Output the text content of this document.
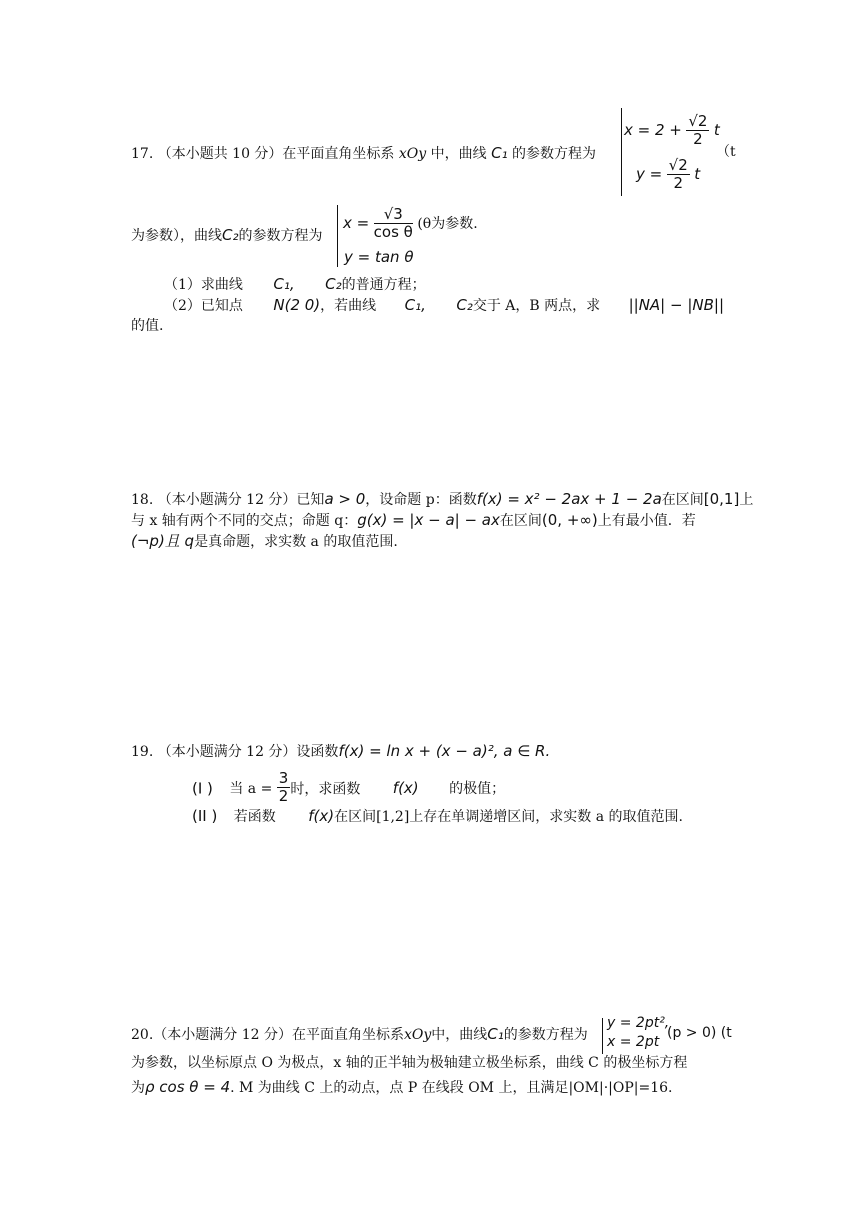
17. （本小题共 10 分）在平面直角坐标系 xOy 中，曲线 C₁ 的参数方程为
$x = 2 + \frac{√2}{2}$ t
$y = \frac{√2}{2}$ t
（t
为参数），曲线C₂的参数方程为
$x = \frac{√3}{\text{cos θ}} (\theta$为参数.
y = tan θ
（1）求曲线 C₁, C₂的普通方程；
（2）已知点 N(2 0)，若曲线 C₁, C₂交于 A，B 两点，求 ||NA| − |NB||
的值.
18. （本小题满分 12 分）已知a > 0，设命题 p：函数f(x) = x² − 2ax + 1 − 2a在区间[0,1]上
与 x 轴有两个不同的交点；命题 q：g(x) = |x − a| − ax在区间(0, +∞)上有最小值．若
(¬p)且 q是真命题，求实数 a 的取值范围.
19. （本小题满分 12 分）设函数f(x) = ln x + (x − a)², a ∈ R.
(I ) 当 $a = \frac{3}{2}$ 时，求函数 f(x) 的极值；
(II ) 若函数 f(x)在区间[1,2]上存在单调递增区间，求实数 a 的取值范围.
20.（本小题满分 12 分）在平面直角坐标系xOy中，曲线C₁的参数方程为
y = 2pt²,
x = 2pt
(p > 0) (t
为参数，以坐标原点 O 为极点，x 轴的正半轴为极轴建立极坐标系，曲线 C 的极坐标方程
为ρ cos θ = 4. M 为曲线 C 上的动点，点 P 在线段 OM 上，且满足|OM|·|OP|=16.
